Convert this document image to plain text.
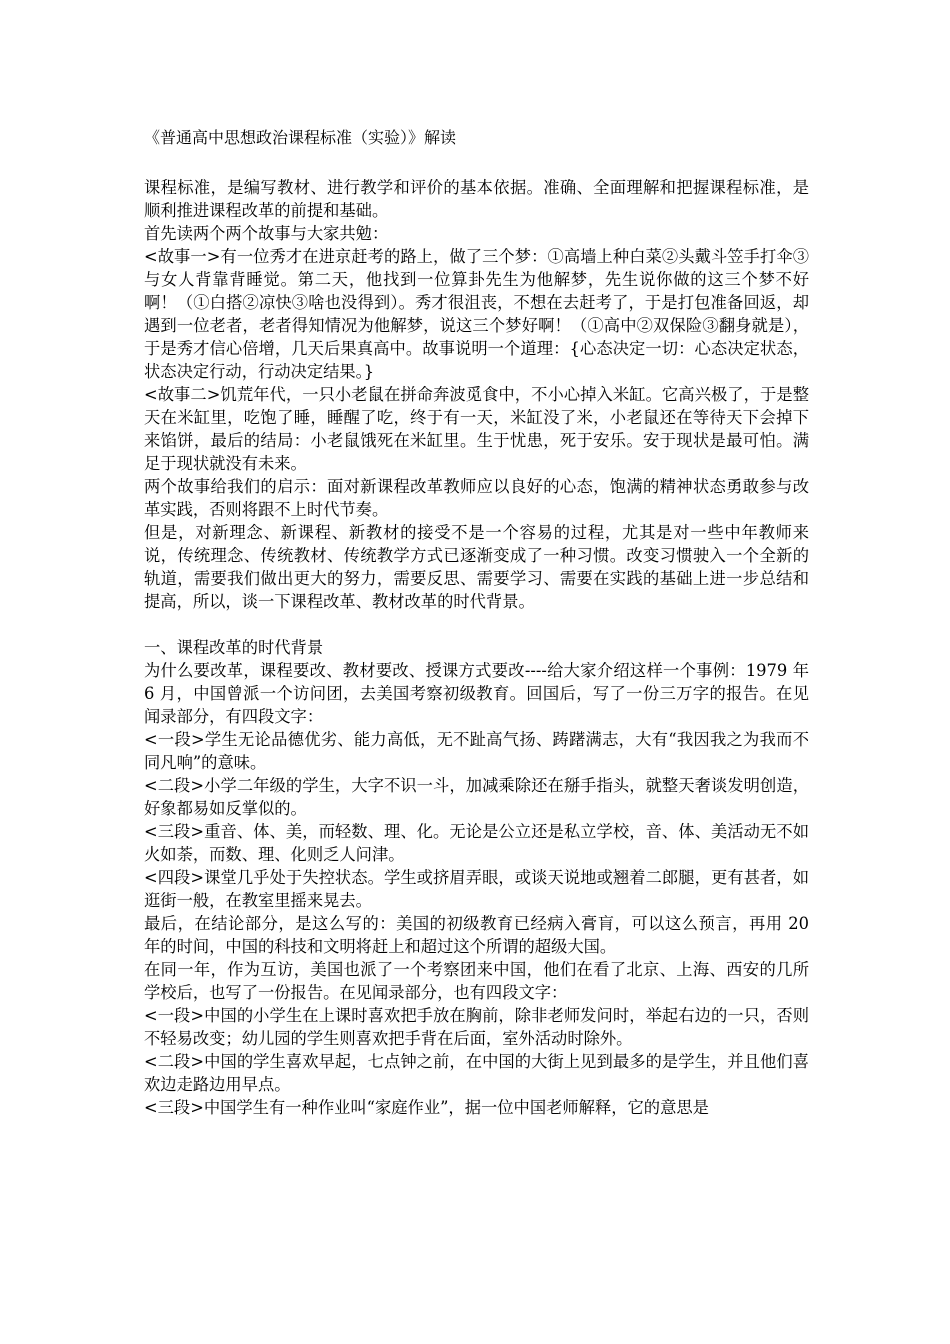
《普通高中思想政治课程标准（实验）》解读

课程标准，是编写教材、进行教学和评价的基本依据。准确、全面理解和把握课程标准，是顺利推进课程改革的前提和基础。

首先读两个两个故事与大家共勉：

<故事一>有一位秀才在进京赶考的路上，做了三个梦：①高墙上种白菜②头戴斗笠手打伞③与女人背靠背睡觉。第二天，他找到一位算卦先生为他解梦，先生说你做的这三个梦不好啊！（①白搭②凉快③啥也没得到）。秀才很沮丧，不想在去赶考了，于是打包准备回返，却遇到一位老者，老者得知情况为他解梦，说这三个梦好啊！（①高中②双保险③翻身就是），于是秀才信心倍增，几天后果真高中。故事说明一个道理：{心态决定一切：心态决定状态，状态决定行动，行动决定结果。}

<故事二>饥荒年代，一只小老鼠在拼命奔波觅食中，不小心掉入米缸。它高兴极了，于是整天在米缸里，吃饱了睡，睡醒了吃，终于有一天，米缸没了米，小老鼠还在等待天下会掉下来馅饼，最后的结局：小老鼠饿死在米缸里。生于忧患，死于安乐。安于现状是最可怕。满足于现状就没有未来。

两个故事给我们的启示：面对新课程改革教师应以良好的心态，饱满的精神状态勇敢参与改革实践，否则将跟不上时代节奏。

但是，对新理念、新课程、新教材的接受不是一个容易的过程，尤其是对一些中年教师来说，传统理念、传统教材、传统教学方式已逐渐变成了一种习惯。改变习惯驶入一个全新的轨道，需要我们做出更大的努力，需要反思、需要学习、需要在实践的基础上进一步总结和提高，所以，谈一下课程改革、教材改革的时代背景。

一、课程改革的时代背景

为什么要改革，课程要改、教材要改、授课方式要改----给大家介绍这样一个事例：1979 年 6 月，中国曾派一个访问团，去美国考察初级教育。回国后，写了一份三万字的报告。在见闻录部分，有四段文字：

<一段>学生无论品德优劣、能力高低，无不趾高气扬、踌躇满志，大有“我因我之为我而不同凡响”的意味。

<二段>小学二年级的学生，大字不识一斗，加减乘除还在掰手指头，就整天奢谈发明创造，好象都易如反掌似的。

<三段>重音、体、美，而轻数、理、化。无论是公立还是私立学校，音、体、美活动无不如火如荼，而数、理、化则乏人问津。

<四段>课堂几乎处于失控状态。学生或挤眉弄眼，或谈天说地或翘着二郎腿，更有甚者，如逛街一般，在教室里摇来晃去。

最后，在结论部分，是这么写的：美国的初级教育已经病入膏肓，可以这么预言，再用 20 年的时间，中国的科技和文明将赶上和超过这个所谓的超级大国。

在同一年，作为互访，美国也派了一个考察团来中国，他们在看了北京、上海、西安的几所学校后，也写了一份报告。在见闻录部分，也有四段文字：

<一段>中国的小学生在上课时喜欢把手放在胸前，除非老师发问时，举起右边的一只，否则不轻易改变；幼儿园的学生则喜欢把手背在后面，室外活动时除外。

<二段>中国的学生喜欢早起，七点钟之前，在中国的大街上见到最多的是学生，并且他们喜欢边走路边用早点。

<三段>中国学生有一种作业叫“家庭作业”，据一位中国老师解释，它的意思是
